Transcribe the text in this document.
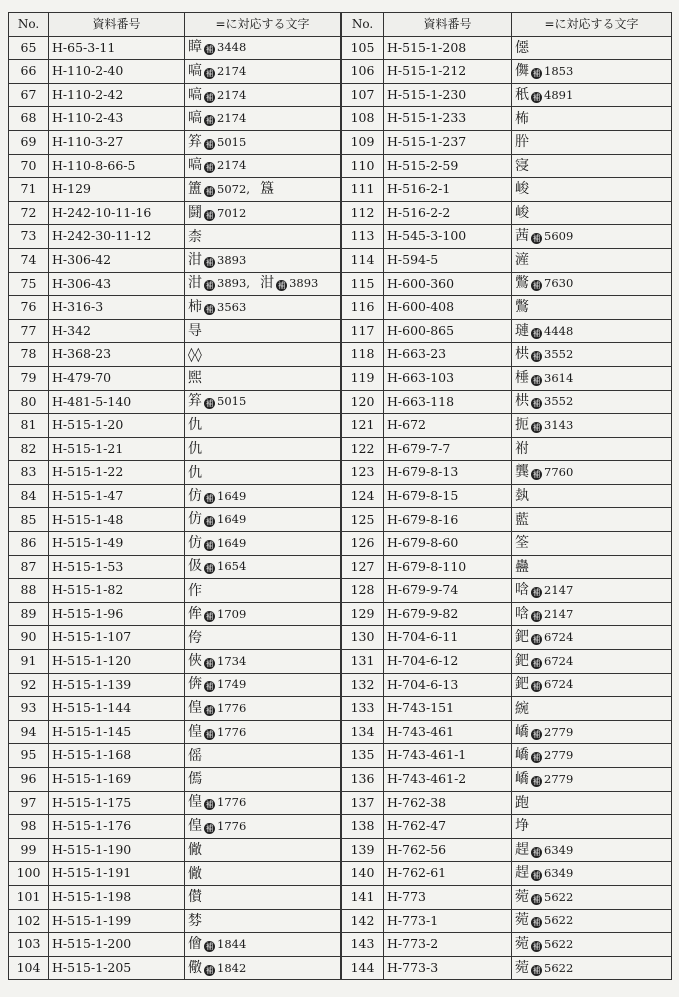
No.	資料番号	=に対応する文字
65	H-65-3-11	瞕 補 3448
66	H-110-2-40	嗃 補 2174
67	H-110-2-42	嗃 補 2174
68	H-110-2-43	嗃 補 2174
69	H-110-3-27	笲 補 5015
70	H-110-8-66-5	嗃 補 2174
71	H-129	簠 補 5072, 簋
72	H-242-10-11-16	鬪 補 7012
73	H-242-30-11-12	柰
74	H-306-42	泔 補 3893
75	H-306-43	泔 補 3893, 泔 補 3893
76	H-316-3	柿 補 3563
77	H-342	㝵
78	H-368-23	◊◊
79	H-479-70	煕
80	H-481-5-140	笲 補 5015
81	H-515-1-20	仇
82	H-515-1-21	仇
83	H-515-1-22	仇
84	H-515-1-47	仿 補 1649
85	H-515-1-48	仿 補 1649
86	H-515-1-49	仿 補 1649
87	H-515-1-53	伋 補 1654
88	H-515-1-82	作
89	H-515-1-96	侔 補 1709
90	H-515-1-107	侉
91	H-515-1-120	俠 補 1734
92	H-515-1-139	倴 補 1749
93	H-515-1-144	偟 補 1776
94	H-515-1-145	偟 補 1776
95	H-515-1-168	傜
96	H-515-1-169	傿
97	H-515-1-175	偟 補 1776
98	H-515-1-176	偟 補 1776
99	H-515-1-190	僘
100	H-515-1-191	僘
101	H-515-1-198	儧
102	H-515-1-199	棼
103	H-515-1-200	儈 補 1844
104	H-515-1-205	儆 補 1842
No.	資料番号	=に対応する文字
105	H-515-1-208	僫
106	H-515-1-212	儛 補 1853
107	H-515-1-230	秖 補 4891
108	H-515-1-233	柨
109	H-515-1-237	肸
110	H-515-2-59	寖
111	H-516-2-1	峻
112	H-516-2-2	峻
113	H-545-3-100	茜 補 5609
114	H-594-5	滻
115	H-600-360	鷩 補 7630
116	H-600-408	鷩
117	H-600-865	璉 補 4448
118	H-663-23	栱 補 3552
119	H-663-103	棰 補 3614
120	H-663-118	栱 補 3552
121	H-672	扼 補 3143
122	H-679-7-7	祔
123	H-679-8-13	龔 補 7760
124	H-679-8-15	埶
125	H-679-8-16	藍
126	H-679-8-60	筌
127	H-679-8-110	蠱
128	H-679-9-74	唅 補 2147
129	H-679-9-82	唅 補 2147
130	H-704-6-11	鈀 補 6724
131	H-704-6-12	鈀 補 6724
132	H-704-6-13	鈀 補 6724
133	H-743-151	綩
134	H-743-461	嶠 補 2779
135	H-743-461-1	嶠 補 2779
136	H-743-461-2	嶠 補 2779
137	H-762-38	跑
138	H-762-47	埩
139	H-762-56	趕 補 6349
140	H-762-61	趕 補 6349
141	H-773	菀 補 5622
142	H-773-1	菀 補 5622
143	H-773-2	菀 補 5622
144	H-773-3	菀 補 5622
